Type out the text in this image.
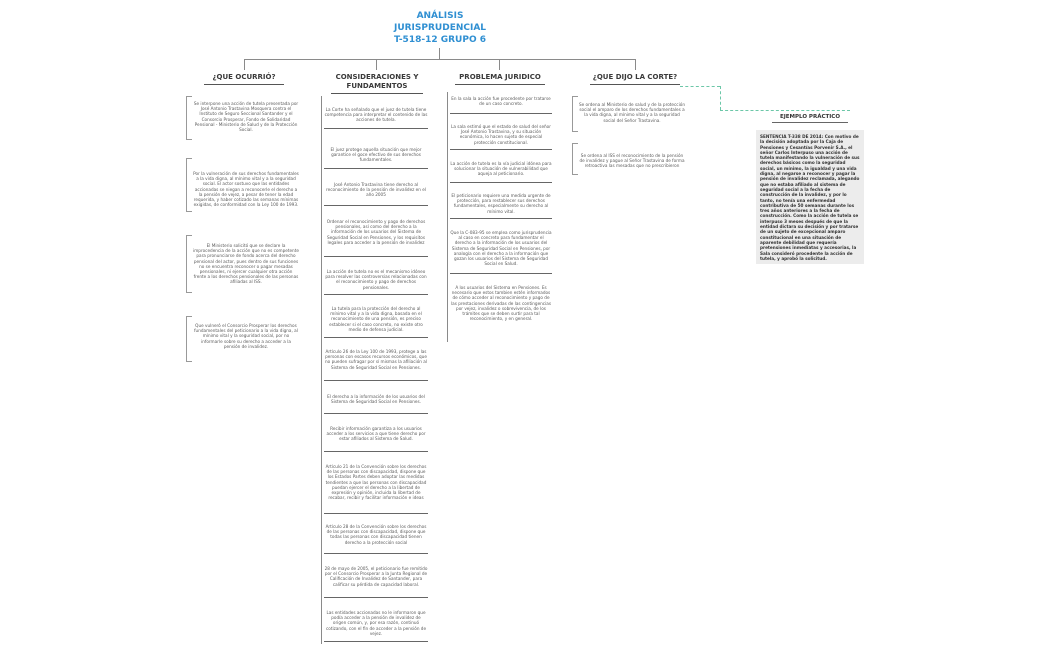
ANÁLISIS
JURISPRUDENCIAL
T-518-12 GRUPO 6
¿QUE OCURRIÓ?	CONSIDERACIONES Y
FUNDAMENTOS
PROBLEMA JURIDICO	¿QUE DIJO LA CORTE?
Se interpone una acción de tutela presentada por José Antonio Trastavina Mosquera contra el Instituto de Seguro Seccional Santander y el Consorcio Prosperar, Fondo de Solidaridad Pensional - Ministerio de Salud y de la Protección Social.
Por la vulneración de sus derechos fundamentales a la vida digna, al mínimo vital y a la seguridad social. El actor sostuvo que las entidades accionadas se niegan a reconocerle el derecho a la pensión de vejez, a pesar de tener la edad requerida, y haber cotizado las semanas mínimas exigidas, de conformidad con la Ley 100 de 1993.
El Ministerio solicitó que se declare la improcedencia de la acción que no es competente para pronunciarse de fondo acerca del derecho pensional del actor, pues dentro de sus funciones no se encuentra reconocer o pagar mesadas pensionales, ni ejercer cualquier otra acción frente a los derechos pensionales de las personas afiliadas al ISS.
Que vulneró el Consorcio Prosperar los derechos fundamentales del peticionario a la vida digna, al mínimo vital y la seguridad social, por no informarle sobre su derecho a acceder a la pensión de invalidez.
La Corte ha señalado que el juez de tutela tiene competencia para interpretar el contenido de las acciones de tutela.
El juez protege aquella situación que mejor garantice el goce efectivo de sus derechos fundamentales.
José Antonio Trastavina tiene derecho al reconocimiento de la pensión de invalidez en el año 2005
Ordenar el reconocimiento y pago de derechos pensionales, así como del derecho a la información de los usuarios del Sistema de Seguridad Social en Pensiones, y los requisitos legales para acceder a la pensión de invalidez
La acción de tutela no es el mecanismo idóneo para resolver las controversias relacionadas con el reconocimiento y pago de derechos pensionales.
La tutela para la protección del derecho al mínimo vital y a la vida digna, basada en el reconocimiento de una pensión, es preciso establecer si el caso concreto, no existe otro medio de defensa judicial.
Artículo 26 de la Ley 100 de 1993, protege a las personas con escasos recursos económicos, que no pueden sufragar por sí mismas la afiliación al Sistema de Seguridad Social en Pensiones.
El derecho a la información de los usuarios del Sistema de Seguridad Social en Pensiones.
Recibir información garantiza a los usuarios acceder a los servicios a que tiene derecho por estar afiliados al Sistema de Salud.
Artículo 21 de la Convención sobre los derechos de las personas con discapacidad, dispone que los Estados Partes deben adoptar las medidas tendientes a que las personas con discapacidad puedan ejercer el derecho a la libertad de expresión y opinión, incluida la libertad de recabar, recibir y facilitar información e ideas
Artículo 28 de la Convención sobre los derechos de las personas con discapacidad, dispone que todas las personas con discapacidad tienen derecho a la protección social
28 de mayo de 2005, el peticionario fue remitido por el Consorcio Prosperar a la Junta Regional de Calificación de Invalidez de Santander, para calificar su pérdida de capacidad laboral.
Las entidades accionadas no le informaron que podía acceder a la pensión de invalidez de origen común, y, por esa razón, continuó cotizando, con el fin de acceder a la pensión de vejez.
En la sala la acción fue procedente por tratarse de un caso concreto.
La sala estimó que el estado de salud del señor José Antonio Trastavina, y su situación económica, lo hacen sujeto de especial protección constitucional.
La acción de tutela es la vía judicial idónea para solucionar la situación de vulnerabilidad que aqueja al peticionario.
El peticionario requiere una medida urgente de protección, para restablecer sus derechos fundamentales, especialmente su derecho al mínimo vital.
Que la C-083-95 se emplea como jurisprudencia al caso en concreto para fundamentar el derecho a la información de los usuarios del Sistema de Seguridad Social en Pensiones, por analogía con el derecho a la información que gozan los usuarios del Sistema de Seguridad Social en Salud.
A los usuarios del Sistema en Pensiones. Es necesario que estos tambien estén informados de cómo acceder al reconocimiento y pago de las prestaciones derivadas de las contingencias por vejez, invalidez o sobrevivencia, de los trámites que se deben surtir para tal reconocimiento, y en general.
Se ordena al Ministerio de salud y de la protección social el amparo de los derechos fundamentales a la vida digna, al mínimo vital y a la seguridad social del Señor Trastavina.
Se ordena al ISS el reconocimiento de la pensión de invalidez y pague al Señor Trastavina de forma retroactiva las mesadas que no prescribieron
EJEMPLO PRÁCTICO
SENTENCIA T-338 DE 2014: Con motivo de la decisión adoptada por la Caja de Pensiones y Cesantías Porvenir S.A., el señor Carlos Interpuso una acción de tutela manifestando la vulneración de sus derechos básicos como la seguridad social, un mínimo, la igualdad y una vida digna, al negarse a reconocer y pagar la pensión de invalidez reclamada, alegando que no estaba afiliado al sistema de seguridad social a la fecha de construcción de la invalidez, y por lo tanto, no tenía una enfermedad contributiva de 50 semanas durante los tres años anteriores a la fecha de construcción. Como la acción de tutela se interpuso 3 meses después de que la entidad dictara su decisión y por tratarse de un sujeto de excepcional amparo constitucional en una situación de aparente debilidad que requería pretensiones inmediatas y accesorias, la Sala consideró procedente la acción de tutela, y aprobó la solicitud.
